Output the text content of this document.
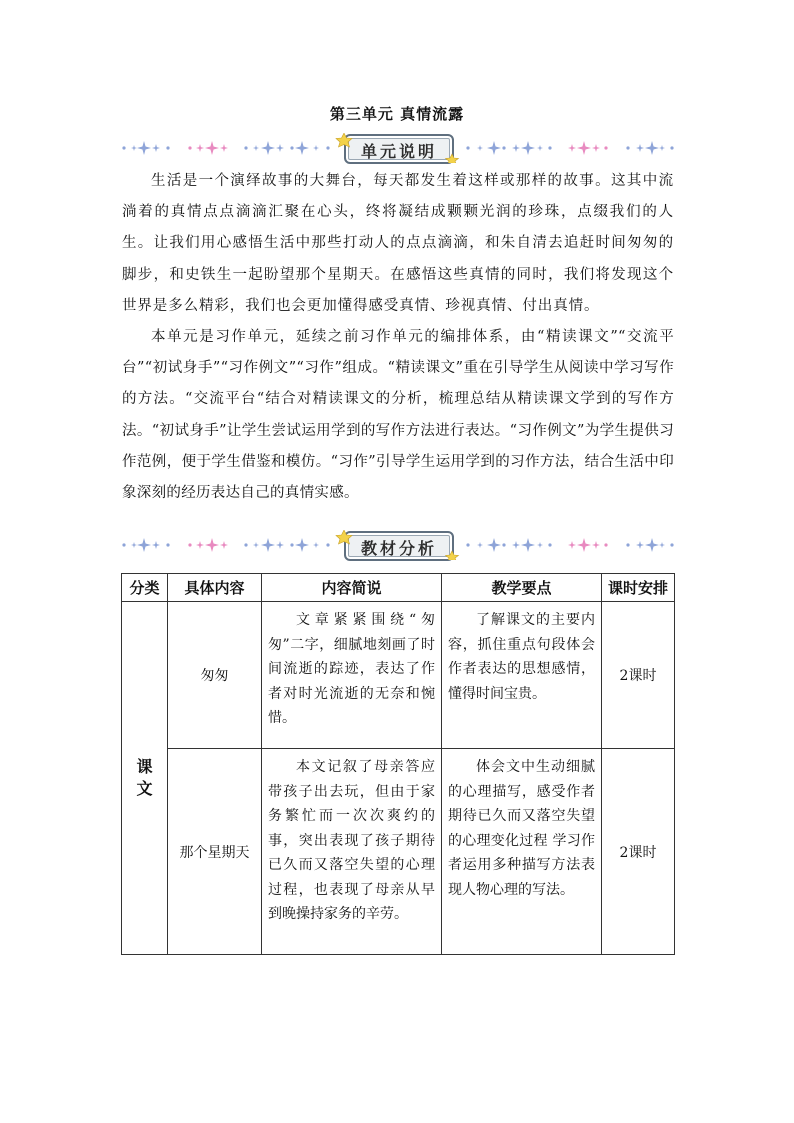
第三单元 真情流露
单元说明

生活是一个演绎故事的大舞台，每天都发生着这样或那样的故事。这其中流淌着的真情点点滴滴汇聚在心头，终将凝结成颗颗光润的珍珠，点缀我们的人生。让我们用心感悟生活中那些打动人的点点滴滴，和朱自清去追赶时间匆匆的脚步，和史铁生一起盼望那个星期天。在感悟这些真情的同时，我们将发现这个世界是多么精彩，我们也会更加懂得感受真情、珍视真情、付出真情。

本单元是习作单元，延续之前习作单元的编排体系，由“精读课文”“交流平台”“初试身手”“习作例文”“习作”组成。“精读课文”重在引导学生从阅读中学习写作的方法。“交流平台“结合对精读课文的分析，梳理总结从精读课文学到的写作方法。“初试身手”让学生尝试运用学到的写作方法进行表达。“习作例文”为学生提供习作范例，便于学生借鉴和模仿。“习作”引导学生运用学到的习作方法，结合生活中印象深刻的经历表达自己的真情实感。

教材分析
分类	具体内容	内容简说	教学要点	课时安排

课文	匆匆	文章紧紧围绕“匆匆”二字，细腻地刻画了时间流逝的踪迹，表达了作者对时光流逝的无奈和惋惜。	了解课文的主要内容，抓住重点句段体会作者表达的思想感情，懂得时间宝贵。	2课时
	那个星期天	本文记叙了母亲答应带孩子出去玩，但由于家务繁忙而一次次爽约的事，突出表现了孩子期待已久而又落空失望的心理过程，也表现了母亲从早到晚操持家务的辛劳。	体会文中生动细腻的心理描写，感受作者期待已久而又落空失望的心理变化过程 学习作者运用多种描写方法表现人物心理的写法。	2课时
